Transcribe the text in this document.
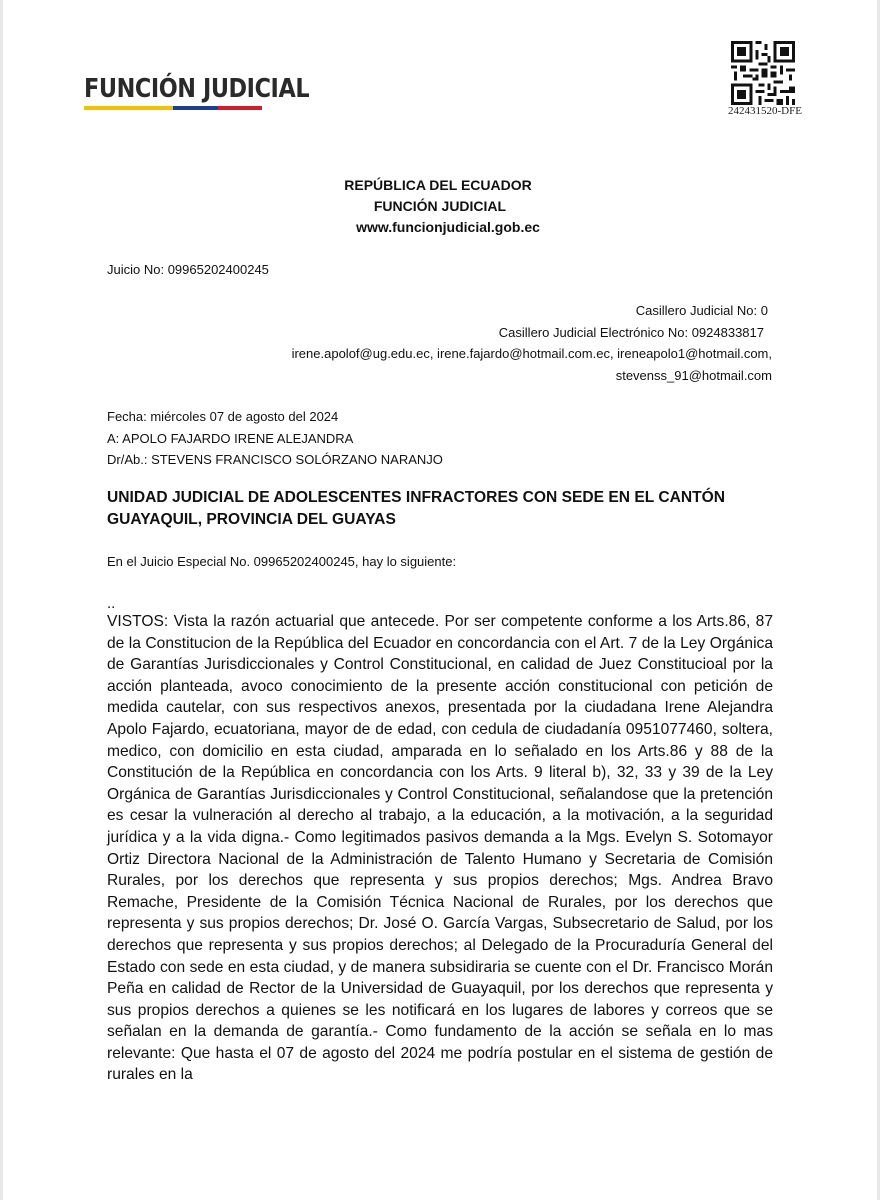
FUNCIÓN JUDICIAL
242431520-DFE
REPÚBLICA DEL ECUADOR
FUNCIÓN JUDICIAL
www.funcionjudicial.gob.ec
Juicio No: 09965202400245
Casillero Judicial No: 0
Casillero Judicial Electrónico No: 0924833817
irene.apolof@ug.edu.ec, irene.fajardo@hotmail.com.ec, ireneapolo1@hotmail.com,
stevenss_91@hotmail.com
Fecha: miércoles 07 de agosto del 2024
A: APOLO FAJARDO IRENE ALEJANDRA
Dr/Ab.: STEVENS FRANCISCO SOLÓRZANO NARANJO
UNIDAD JUDICIAL DE ADOLESCENTES INFRACTORES CON SEDE EN EL CANTÓN GUAYAQUIL, PROVINCIA DEL GUAYAS
En el Juicio Especial No. 09965202400245, hay lo siguiente:
..
VISTOS: Vista la razón actuarial que antecede. Por ser competente conforme a los Arts.86, 87 de la Constitucion de la República del Ecuador en concordancia con el Art. 7 de la Ley Orgánica de Garantías Jurisdiccionales y Control Constitucional, en calidad de Juez Constitucioal por la acción planteada, avoco conocimiento de la presente acción constitucional con petición de medida cautelar, con sus respectivos anexos, presentada por la ciudadana Irene Alejandra Apolo Fajardo, ecuatoriana, mayor de de edad, con cedula de ciudadanía 0951077460, soltera, medico, con domicilio en esta ciudad, amparada en lo señalado en los Arts.86 y 88 de la Constitución de la República en concordancia con los Arts. 9 literal b), 32, 33 y 39 de la Ley Orgánica de Garantías Jurisdiccionales y Control Constitucional, señalandose que la pretención es cesar la vulneración al derecho al trabajo, a la educación, a la motivación, a la seguridad jurídica y a la vida digna.- Como legitimados pasivos demanda a la Mgs. Evelyn S. Sotomayor Ortiz Directora Nacional de la Administración de Talento Humano y Secretaria de Comisión Rurales, por los derechos que representa y sus propios derechos; Mgs. Andrea Bravo Remache, Presidente de la Comisión Técnica Nacional de Rurales, por los derechos que representa y sus propios derechos; Dr. José O. García Vargas, Subsecretario de Salud, por los derechos que representa y sus propios derechos; al Delegado de la Procuraduría General del Estado con sede en esta ciudad, y de manera subsidiraria se cuente con el Dr. Francisco Morán Peña en calidad de Rector de la Universidad de Guayaquil, por los derechos que representa y sus propios derechos a quienes se les notificará en los lugares de labores y correos que se señalan en la demanda de garantía.- Como fundamento de la acción se señala en lo mas relevante: Que hasta el 07 de agosto del 2024 me podría postular en el sistema de gestión de rurales en la
